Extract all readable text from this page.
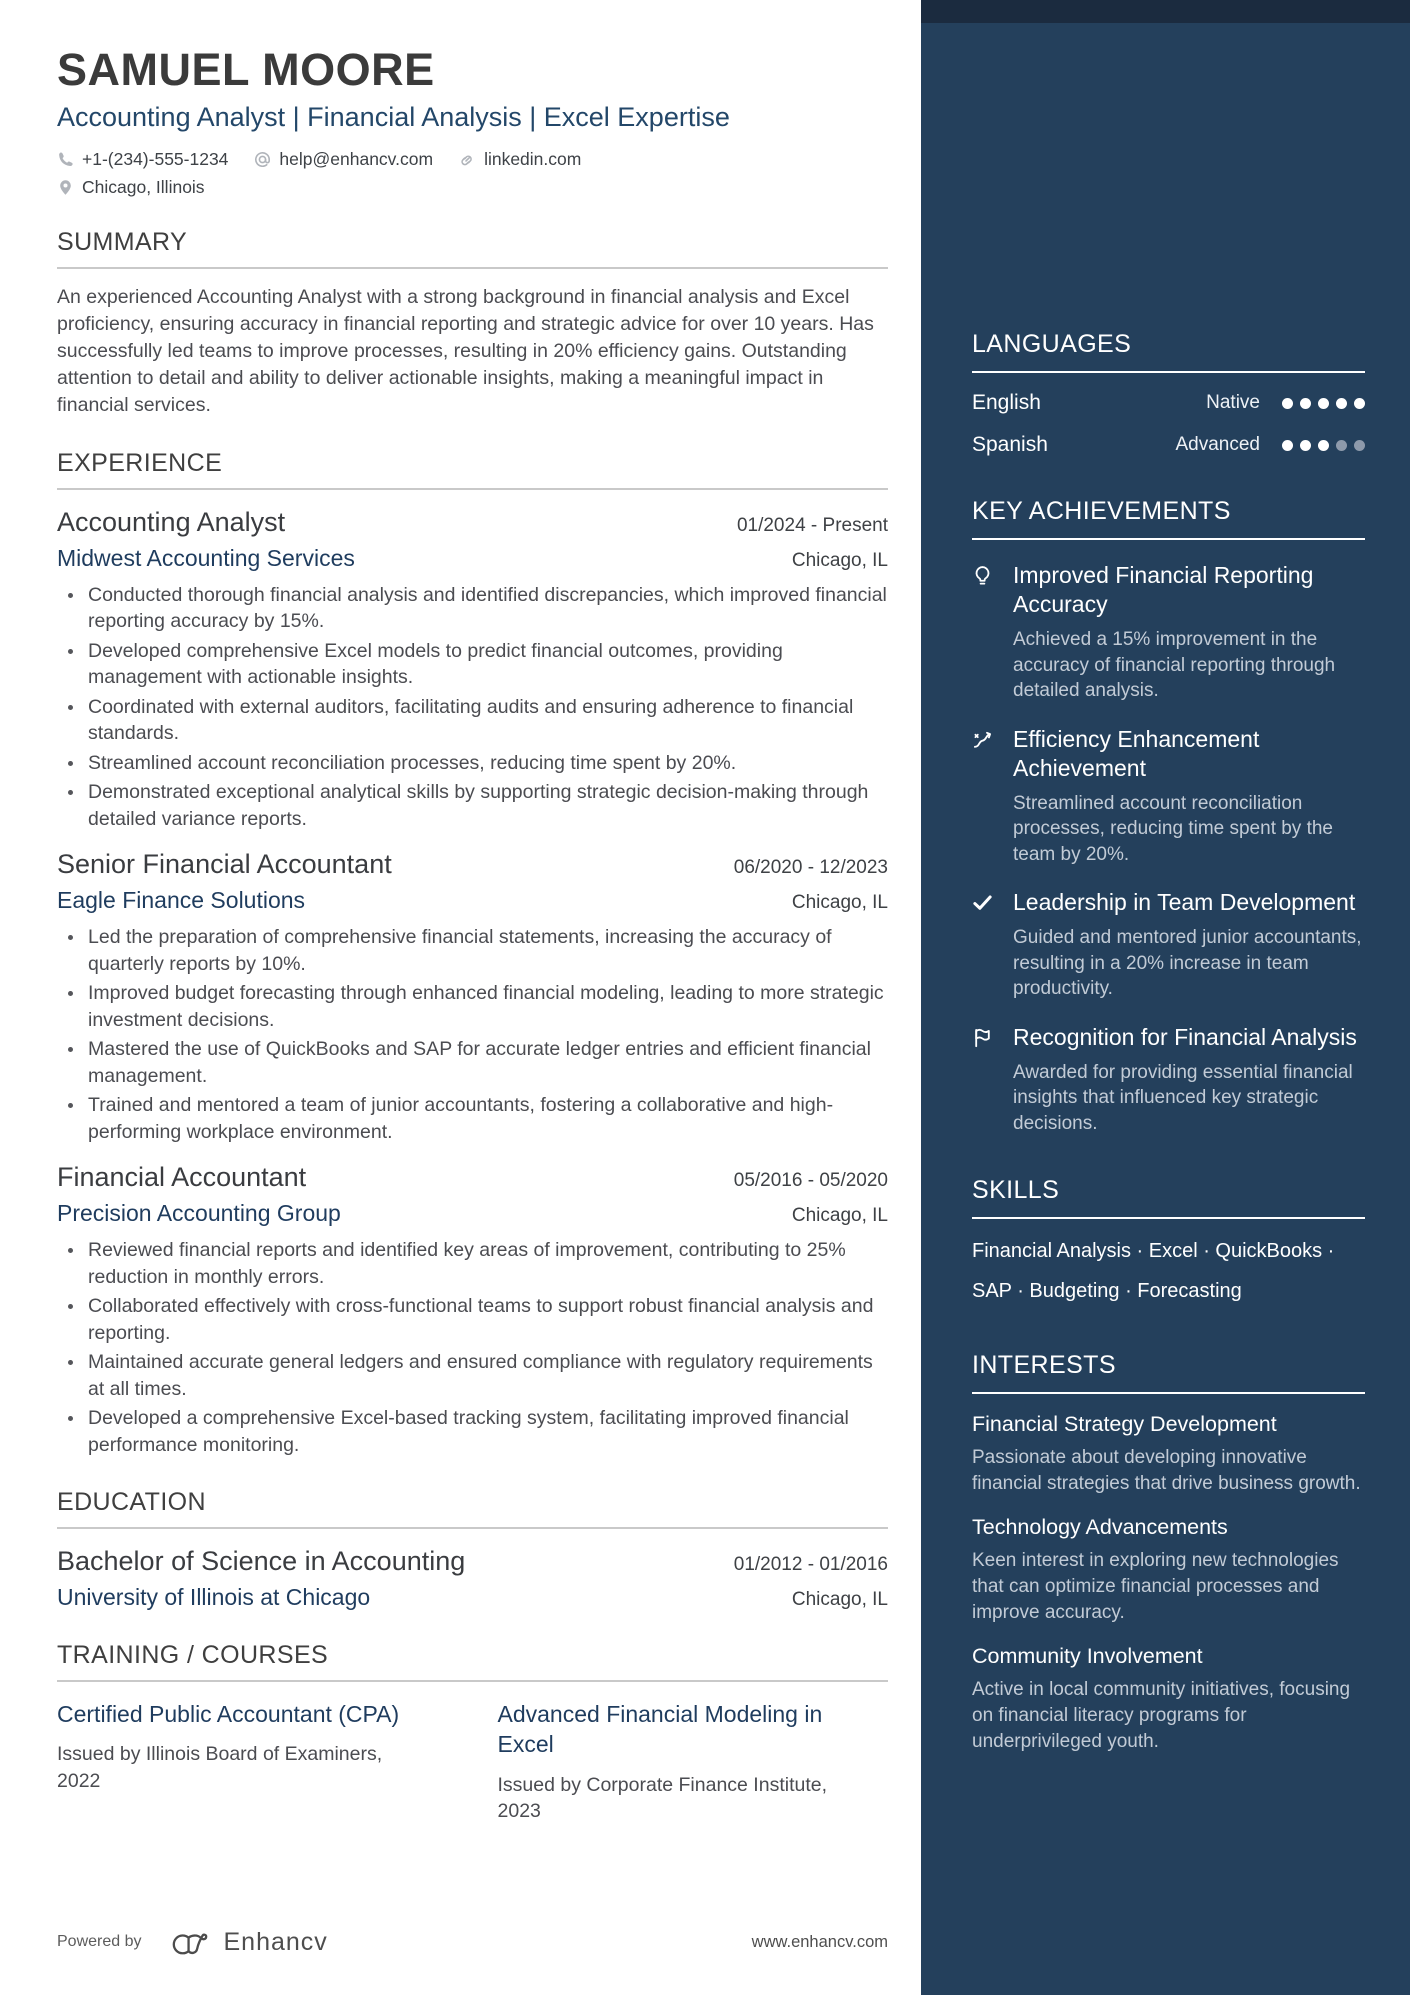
SAMUEL MOORE
Accounting Analyst | Financial Analysis | Excel Expertise
+1-(234)-555-1234	help@enhancv.com	linkedin.com
Chicago, Illinois
SUMMARY
An experienced Accounting Analyst with a strong background in financial analysis and Excel proficiency, ensuring accuracy in financial reporting and strategic advice for over 10 years. Has successfully led teams to improve processes, resulting in 20% efficiency gains. Outstanding attention to detail and ability to deliver actionable insights, making a meaningful impact in financial services.
EXPERIENCE
Accounting Analyst	01/2024 - Present
Midwest Accounting Services	Chicago, IL
Conducted thorough financial analysis and identified discrepancies, which improved financial reporting accuracy by 15%.
Developed comprehensive Excel models to predict financial outcomes, providing management with actionable insights.
Coordinated with external auditors, facilitating audits and ensuring adherence to financial standards.
Streamlined account reconciliation processes, reducing time spent by 20%.
Demonstrated exceptional analytical skills by supporting strategic decision-making through detailed variance reports.
Senior Financial Accountant	06/2020 - 12/2023
Eagle Finance Solutions	Chicago, IL
Led the preparation of comprehensive financial statements, increasing the accuracy of quarterly reports by 10%.
Improved budget forecasting through enhanced financial modeling, leading to more strategic investment decisions.
Mastered the use of QuickBooks and SAP for accurate ledger entries and efficient financial management.
Trained and mentored a team of junior accountants, fostering a collaborative and high-performing workplace environment.
Financial Accountant	05/2016 - 05/2020
Precision Accounting Group	Chicago, IL
Reviewed financial reports and identified key areas of improvement, contributing to 25% reduction in monthly errors.
Collaborated effectively with cross-functional teams to support robust financial analysis and reporting.
Maintained accurate general ledgers and ensured compliance with regulatory requirements at all times.
Developed a comprehensive Excel-based tracking system, facilitating improved financial performance monitoring.
EDUCATION
Bachelor of Science in Accounting	01/2012 - 01/2016
University of Illinois at Chicago	Chicago, IL
TRAINING / COURSES
Certified Public Accountant (CPA)
Issued by Illinois Board of Examiners, 2022
Advanced Financial Modeling in Excel
Issued by Corporate Finance Institute, 2023
Powered by	Enhancv	www.enhancv.com
LANGUAGES
English	Native
Spanish	Advanced
KEY ACHIEVEMENTS
Improved Financial Reporting Accuracy
Achieved a 15% improvement in the accuracy of financial reporting through detailed analysis.
Efficiency Enhancement Achievement
Streamlined account reconciliation processes, reducing time spent by the team by 20%.
Leadership in Team Development
Guided and mentored junior accountants, resulting in a 20% increase in team productivity.
Recognition for Financial Analysis
Awarded for providing essential financial insights that influenced key strategic decisions.
SKILLS
Financial Analysis · Excel · QuickBooks · SAP · Budgeting · Forecasting
INTERESTS
Financial Strategy Development
Passionate about developing innovative financial strategies that drive business growth.
Technology Advancements
Keen interest in exploring new technologies that can optimize financial processes and improve accuracy.
Community Involvement
Active in local community initiatives, focusing on financial literacy programs for underprivileged youth.
